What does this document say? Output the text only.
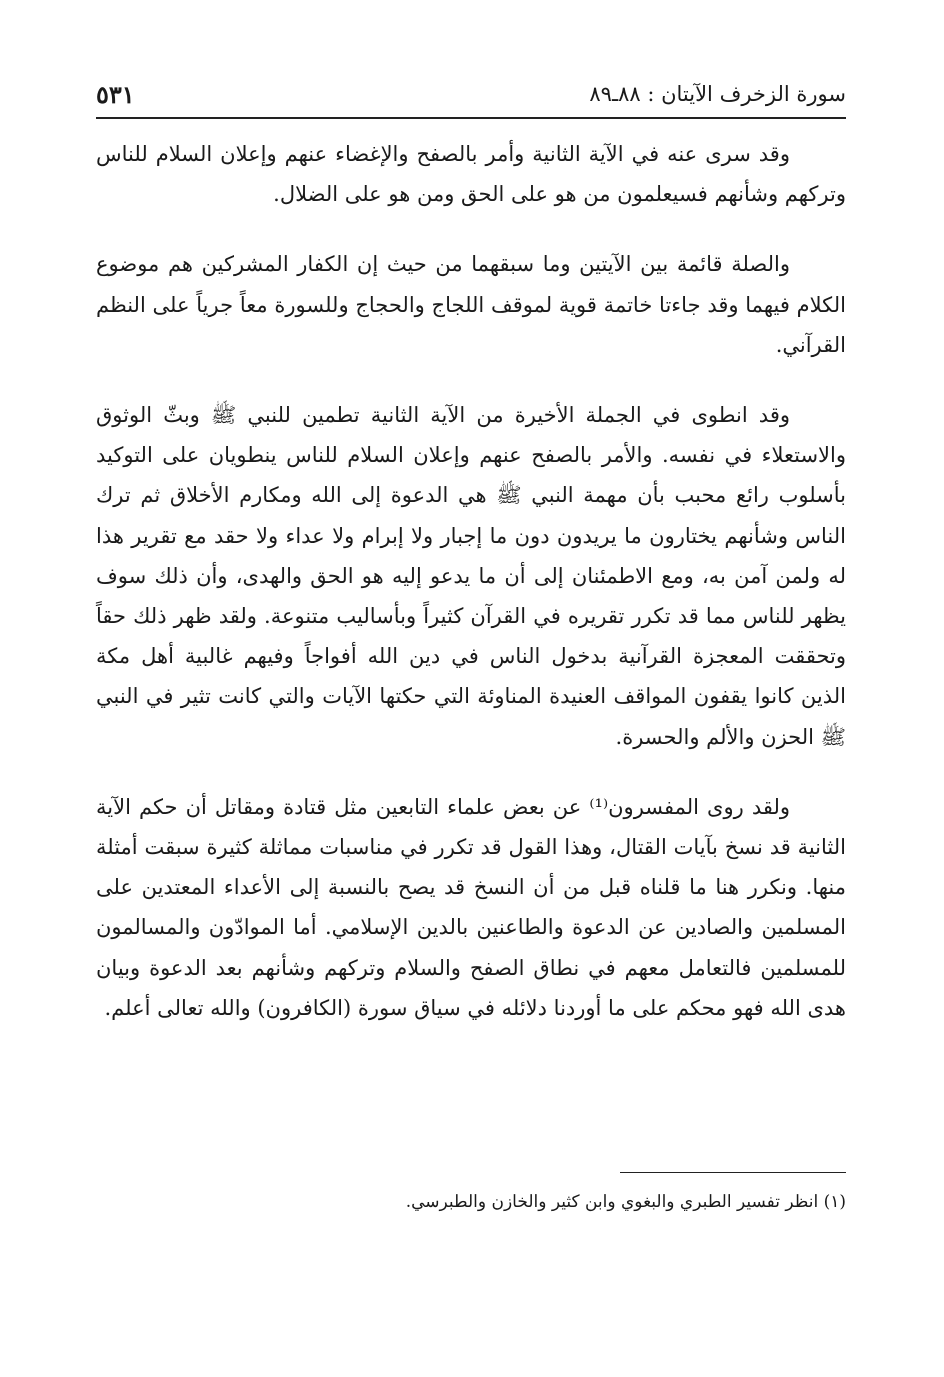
سورة الزخرف الآيتان : ٨٨ـ٨٩
٥٣١

وقد سرى عنه في الآية الثانية وأمر بالصفح والإغضاء عنهم وإعلان السلام للناس وتركهم وشأنهم فسيعلمون من هو على الحق ومن هو على الضلال.

والصلة قائمة بين الآيتين وما سبقهما من حيث إن الكفار المشركين هم موضوع الكلام فيهما وقد جاءتا خاتمة قوية لموقف اللجاج والحجاج وللسورة معاً جرياً على النظم القرآني.

وقد انطوى في الجملة الأخيرة من الآية الثانية تطمين للنبي ﷺ وبثّ الوثوق والاستعلاء في نفسه. والأمر بالصفح عنهم وإعلان السلام للناس ينطويان على التوكيد بأسلوب رائع محبب بأن مهمة النبي ﷺ هي الدعوة إلى الله ومكارم الأخلاق ثم ترك الناس وشأنهم يختارون ما يريدون دون ما إجبار ولا إبرام ولا عداء ولا حقد مع تقرير هذا له ولمن آمن به، ومع الاطمئنان إلى أن ما يدعو إليه هو الحق والهدى، وأن ذلك سوف يظهر للناس مما قد تكرر تقريره في القرآن كثيراً وبأساليب متنوعة. ولقد ظهر ذلك حقاً وتحققت المعجزة القرآنية بدخول الناس في دين الله أفواجاً وفيهم غالبية أهل مكة الذين كانوا يقفون المواقف العنيدة المناوئة التي حكتها الآيات والتي كانت تثير في النبي ﷺ الحزن والألم والحسرة.

ولقد روى المفسرون⁽¹⁾ عن بعض علماء التابعين مثل قتادة ومقاتل أن حكم الآية الثانية قد نسخ بآيات القتال، وهذا القول قد تكرر في مناسبات مماثلة كثيرة سبقت أمثلة منها. ونكرر هنا ما قلناه قبل من أن النسخ قد يصح بالنسبة إلى الأعداء المعتدين على المسلمين والصادين عن الدعوة والطاعنين بالدين الإسلامي. أما الموادّون والمسالمون للمسلمين فالتعامل معهم في نطاق الصفح والسلام وتركهم وشأنهم بعد الدعوة وبيان هدى الله فهو محكم على ما أوردنا دلائله في سياق سورة (الكافرون) والله تعالى أعلم.

(١) انظر تفسير الطبري والبغوي وابن كثير والخازن والطبرسي.
